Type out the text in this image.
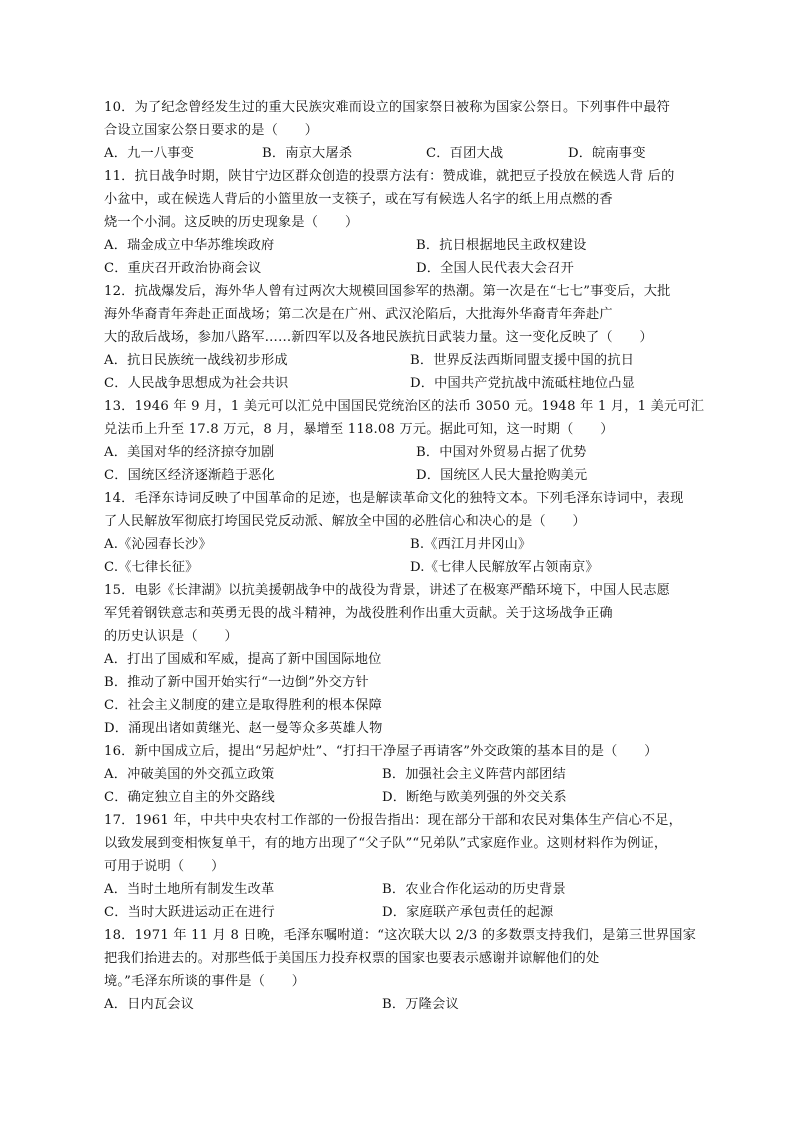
10．为了纪念曾经发生过的重大民族灾难而设立的国家祭日被称为国家公祭日。下列事件中最符
合设立国家公祭日要求的是（　　）
A．九一八事变	B．南京大屠杀	C．百团大战	D．皖南事变
11．抗日战争时期，陕甘宁边区群众创造的投票方法有：赞成谁，就把豆子投放在候选人背 后的
小盆中，或在候选人背后的小篮里放一支筷子，或在写有候选人名字的纸上用点燃的香
烧一个小洞。这反映的历史现象是（　　）
A．瑞金成立中华苏维埃政府	B．抗日根据地民主政权建设
C．重庆召开政治协商会议	D．全国人民代表大会召开
12．抗战爆发后，海外华人曾有过两次大规模回国参军的热潮。第一次是在“七七”事变后，大批
海外华裔青年奔赴正面战场；第二次是在广州、武汉沦陷后，大批海外华裔青年奔赴广
大的敌后战场，参加八路军……新四军以及各地民族抗日武装力量。这一变化反映了（　　）
A．抗日民族统一战线初步形成	B．世界反法西斯同盟支援中国的抗日
C．人民战争思想成为社会共识	D．中国共产党抗战中流砥柱地位凸显
13．1946 年 9 月，1 美元可以汇兑中国国民党统治区的法币 3050 元。1948 年 1 月，1 美元可汇
兑法币上升至 17.8 万元，8 月，暴增至 118.08 万元。据此可知，这一时期（　　）
A．美国对华的经济掠夺加剧	B．中国对外贸易占据了优势
C．国统区经济逐渐趋于恶化	D．国统区人民大量抢购美元
14．毛泽东诗词反映了中国革命的足迹，也是解读革命文化的独特文本。下列毛泽东诗词中，表现
了人民解放军彻底打垮国民党反动派、解放全中国的必胜信心和决心的是（　　）
A.《沁园春长沙》	B.《西江月井冈山》
C.《七律长征》	D.《七律人民解放军占领南京》
15．电影《长津湖》以抗美援朝战争中的战役为背景，讲述了在极寒严酷环境下，中国人民志愿
军凭着钢铁意志和英勇无畏的战斗精神，为战役胜利作出重大贡献。关于这场战争正确
的历史认识是（　　）
A．打出了国威和军威，提高了新中国国际地位
B．推动了新中国开始实行“一边倒”外交方针
C．社会主义制度的建立是取得胜利的根本保障
D．涌现出诸如黄继光、赵一曼等众多英雄人物
16．新中国成立后，提出“另起炉灶”、“打扫干净屋子再请客”外交政策的基本目的是（　　）
A．冲破美国的外交孤立政策	B．加强社会主义阵营内部团结
C．确定独立自主的外交路线	D．断绝与欧美列强的外交关系
17．1961 年，中共中央农村工作部的一份报告指出：现在部分干部和农民对集体生产信心不足，
以致发展到变相恢复单干，有的地方出现了“父子队”“兄弟队”式家庭作业。这则材料作为例证，
可用于说明（　　）
A．当时土地所有制发生改革	B．农业合作化运动的历史背景
C．当时大跃进运动正在进行	D．家庭联产承包责任的起源
18．1971 年 11 月 8 日晚，毛泽东嘱咐道：“这次联大以 2/3 的多数票支持我们，是第三世界国家
把我们抬进去的。对那些低于美国压力投弃权票的国家也要表示感谢并谅解他们的处
境。”毛泽东所谈的事件是（　　）
A．日内瓦会议	B．万隆会议
